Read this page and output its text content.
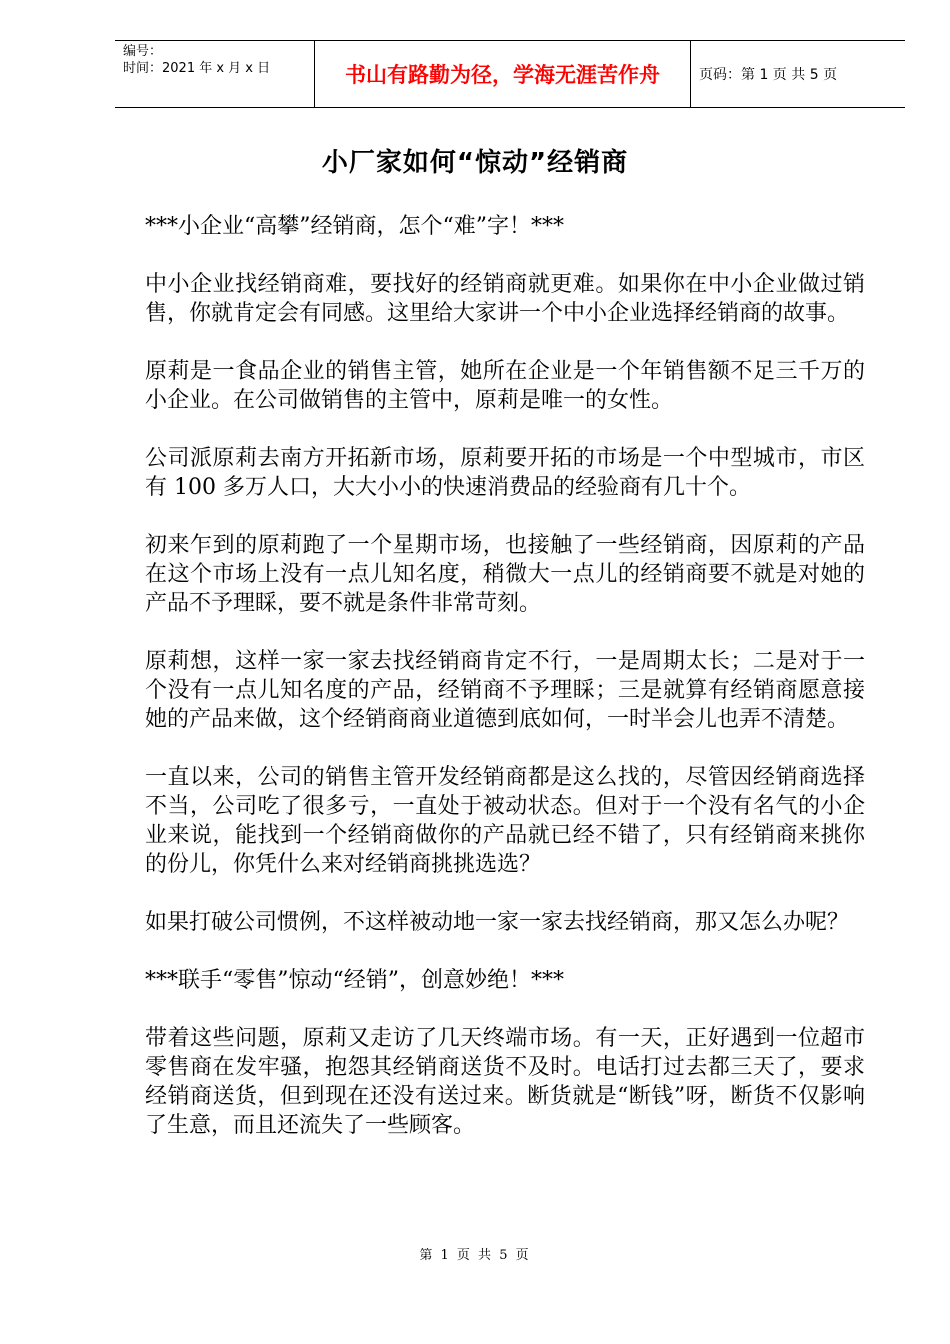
编号：
时间：2021 年 x 月 x 日	书山有路勤为径，学海无涯苦作舟	页码：第 1 页 共 5 页
小厂家如何“惊动”经销商

***小企业“高攀”经销商，怎个“难”字！***

中小企业找经销商难，要找好的经销商就更难。如果你在中小企业做过销售，你就肯定会有同感。这里给大家讲一个中小企业选择经销商的故事。

原莉是一食品企业的销售主管，她所在企业是一个年销售额不足三千万的小企业。在公司做销售的主管中，原莉是唯一的女性。

公司派原莉去南方开拓新市场，原莉要开拓的市场是一个中型城市，市区有 100 多万人口，大大小小的快速消费品的经验商有几十个。

初来乍到的原莉跑了一个星期市场，也接触了一些经销商，因原莉的产品在这个市场上没有一点儿知名度，稍微大一点儿的经销商要不就是对她的产品不予理睬，要不就是条件非常苛刻。

原莉想，这样一家一家去找经销商肯定不行，一是周期太长；二是对于一个没有一点儿知名度的产品，经销商不予理睬；三是就算有经销商愿意接她的产品来做，这个经销商商业道德到底如何，一时半会儿也弄不清楚。

一直以来，公司的销售主管开发经销商都是这么找的，尽管因经销商选择不当，公司吃了很多亏，一直处于被动状态。但对于一个没有名气的小企业来说，能找到一个经销商做你的产品就已经不错了，只有经销商来挑你的份儿，你凭什么来对经销商挑挑选选？

如果打破公司惯例，不这样被动地一家一家去找经销商，那又怎么办呢？

***联手“零售”惊动“经销”，创意妙绝！***

带着这些问题，原莉又走访了几天终端市场。有一天，正好遇到一位超市零售商在发牢骚，抱怨其经销商送货不及时。电话打过去都三天了，要求经销商送货，但到现在还没有送过来。断货就是“断钱”呀，断货不仅影响了生意，而且还流失了一些顾客。

第 1 页 共 5 页
